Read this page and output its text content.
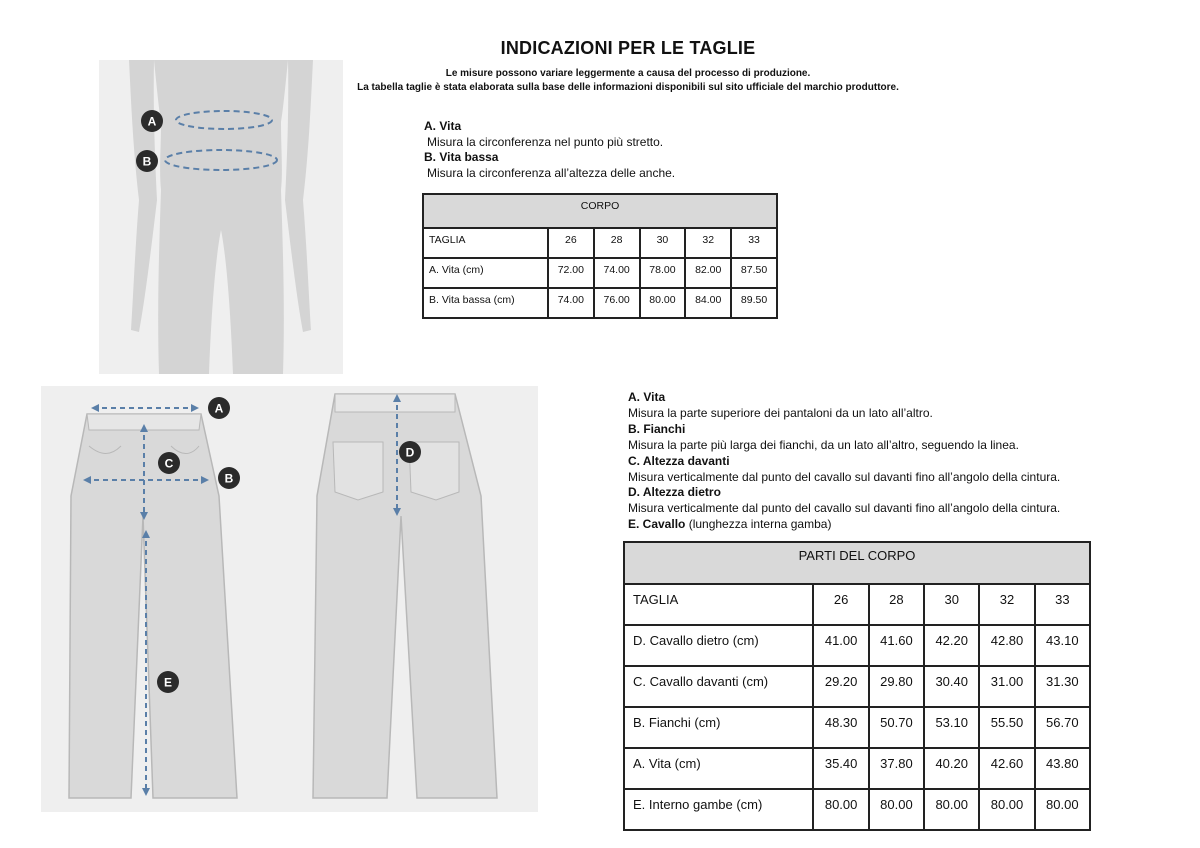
INDICAZIONI PER LE TAGLIE
Le misure possono variare leggermente a causa del processo di produzione.
La tabella taglie è stata elaborata sulla base delle informazioni disponibili sul sito ufficiale del marchio produttore.
A
B
A. Vita
Misura la circonferenza nel punto più stretto.
B. Vita bassa
Misura la circonferenza all’altezza delle anche.
CORPO					
TAGLIA	26	28	30	32	33
A. Vita (cm)	72.00	74.00	78.00	82.00	87.50
B. Vita bassa (cm)	74.00	76.00	80.00	84.00	89.50
A
B
C
D
E
A. Vita
Misura la parte superiore dei pantaloni da un lato all’altro.
B. Fianchi
Misura la parte più larga dei fianchi, da un lato all’altro, seguendo la linea.
C. Altezza davanti
Misura verticalmente dal punto del cavallo sul davanti fino all’angolo della cintura.
D. Altezza dietro
Misura verticalmente dal punto del cavallo sul davanti fino all’angolo della cintura.
E. Cavallo (lunghezza interna gamba)
PARTI DEL CORPO					
TAGLIA	26	28	30	32	33
D. Cavallo dietro (cm)	41.00	41.60	42.20	42.80	43.10
C. Cavallo davanti (cm)	29.20	29.80	30.40	31.00	31.30
B. Fianchi (cm)	48.30	50.70	53.10	55.50	56.70
A. Vita (cm)	35.40	37.80	40.20	42.60	43.80
E. Interno gambe (cm)	80.00	80.00	80.00	80.00	80.00
